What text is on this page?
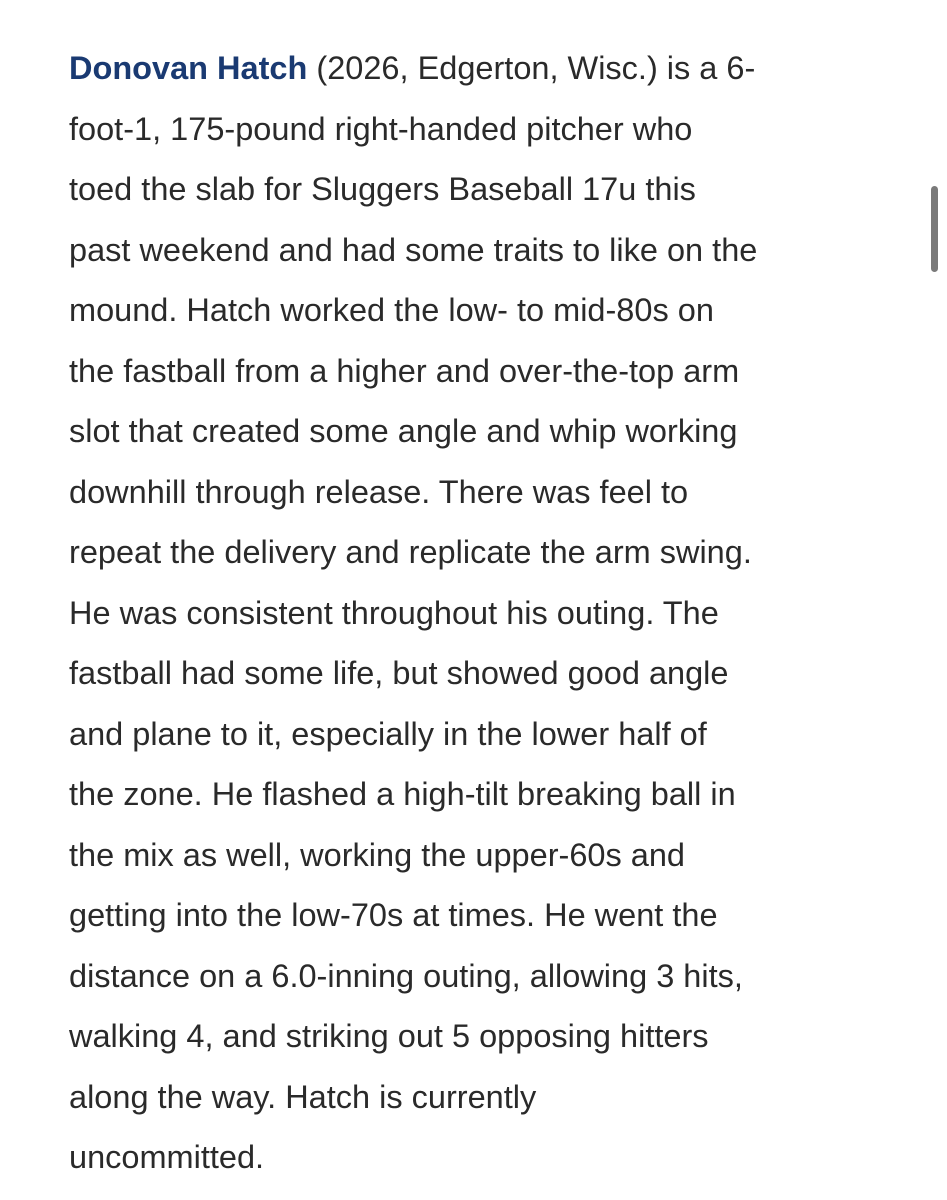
Donovan Hatch (2026, Edgerton, Wisc.) is a 6-
foot-1, 175-pound right-handed pitcher who
toed the slab for Sluggers Baseball 17u this
past weekend and had some traits to like on the
mound. Hatch worked the low- to mid-80s on
the fastball from a higher and over-the-top arm
slot that created some angle and whip working
downhill through release. There was feel to
repeat the delivery and replicate the arm swing.
He was consistent throughout his outing. The
fastball had some life, but showed good angle
and plane to it, especially in the lower half of
the zone. He flashed a high-tilt breaking ball in
the mix as well, working the upper-60s and
getting into the low-70s at times. He went the
distance on a 6.0-inning outing, allowing 3 hits,
walking 4, and striking out 5 opposing hitters
along the way. Hatch is currently
uncommitted.
